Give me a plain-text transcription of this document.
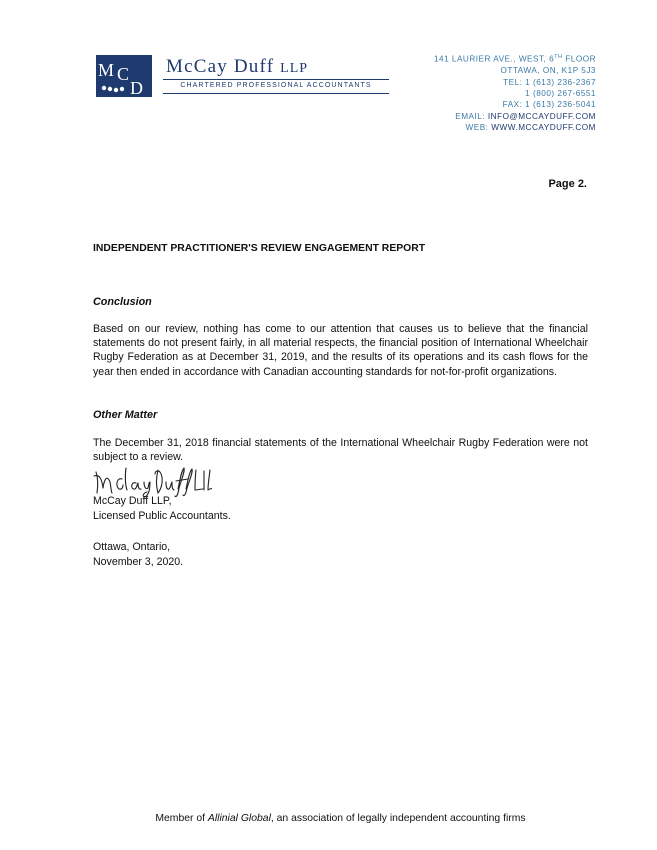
M C
D
McCay Duff LLP
CHARTERED PROFESSIONAL ACCOUNTANTS
141 LAURIER AVE., WEST, 6TH FLOOR
OTTAWA, ON, K1P 5J3
TEL: 1 (613) 236-2367
1 (800) 267-6551
FAX: 1 (613) 236-5041
EMAIL: INFO@MCCAYDUFF.COM
WEB: WWW.MCCAYDUFF.COM
Page 2.
INDEPENDENT PRACTITIONER'S REVIEW ENGAGEMENT REPORT
Conclusion

Based on our review, nothing has come to our attention that causes us to believe that the financial statements do not present fairly, in all material respects, the financial position of International Wheelchair Rugby Federation as at December 31, 2019, and the results of its operations and its cash flows for the year then ended in accordance with Canadian accounting standards for not-for-profit organizations.

Other Matter

The December 31, 2018 financial statements of the International Wheelchair Rugby Federation were not subject to a review.

McCay Duff LLP,
Licensed Public Accountants.
Ottawa, Ontario,
November 3, 2020.
Member of Allinial Global, an association of legally independent accounting firms
